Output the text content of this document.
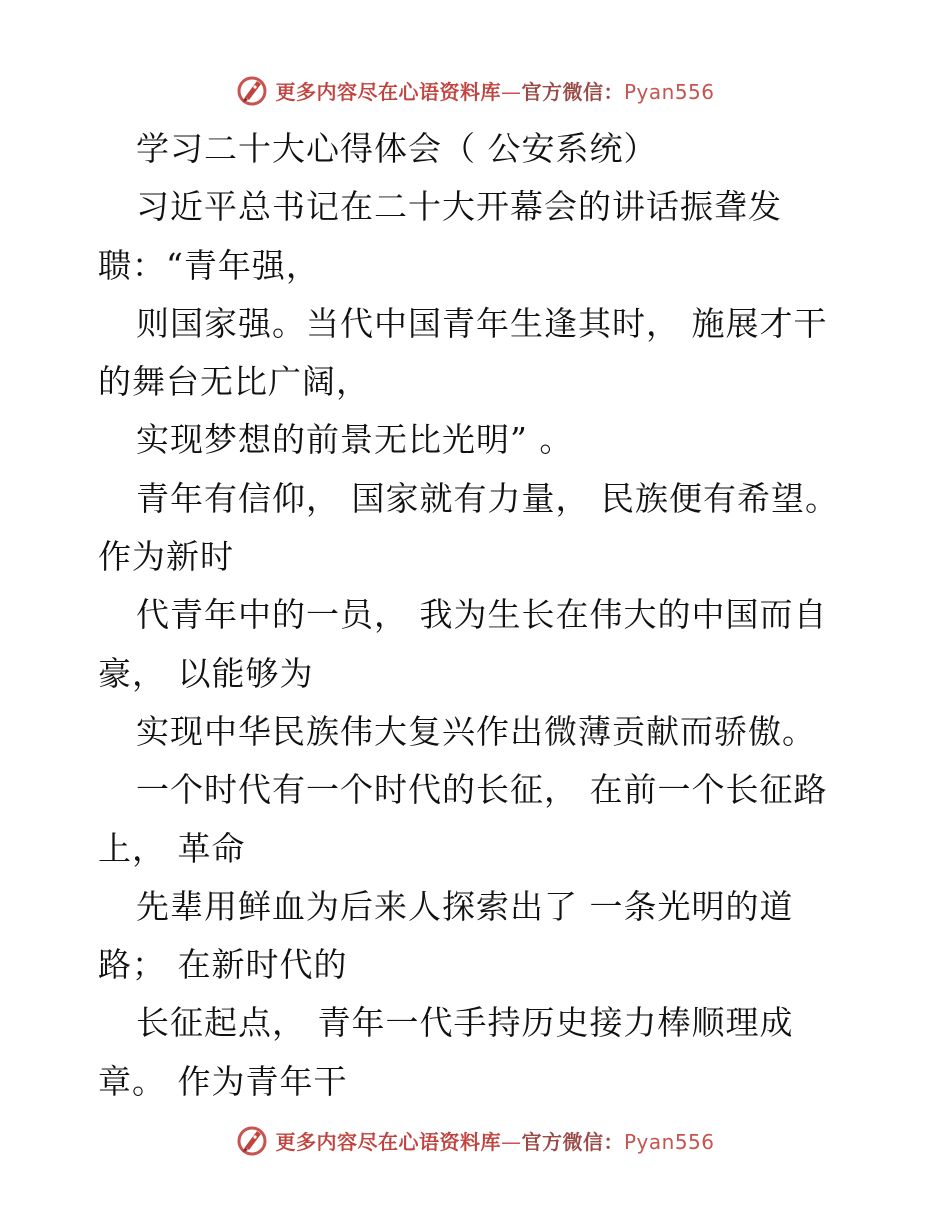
更多内容尽在心语资料库—官方微信：Pyan556
学习二十大心得体会（ 公安系统）
习近平总书记在二十大开幕会的讲话振聋发
聩：“青年强，
则国家强。当代中国青年生逢其时， 施展才干
的舞台无比广阔，
实现梦想的前景无比光明” 。
青年有信仰， 国家就有力量， 民族便有希望。
作为新时
代青年中的一员， 我为生长在伟大的中国而自
豪， 以能够为
实现中华民族伟大复兴作出微薄贡献而骄傲。
一个时代有一个时代的长征， 在前一个长征路
上， 革命
先辈用鲜血为后来人探索出了 一条光明的道
路； 在新时代的
长征起点， 青年一代手持历史接力棒顺理成
章。 作为青年干
更多内容尽在心语资料库—官方微信：Pyan556
